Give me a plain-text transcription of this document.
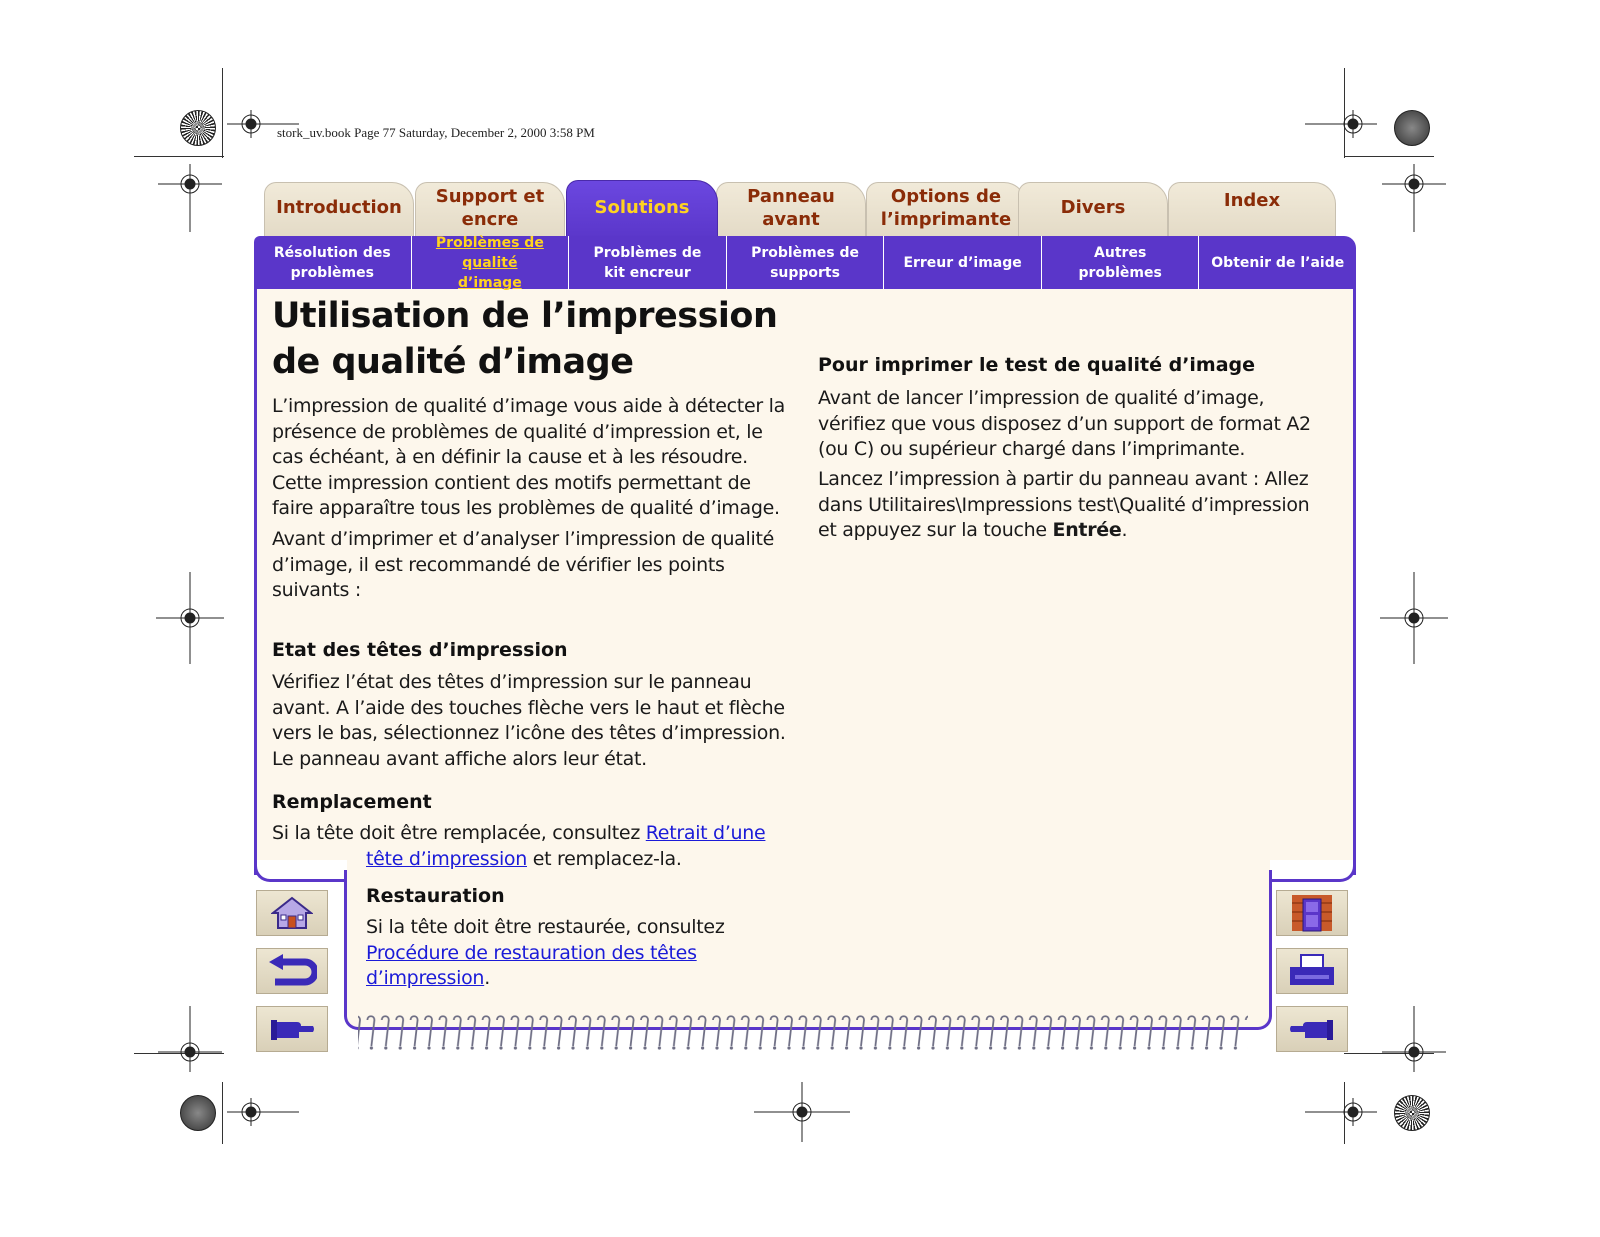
stork_uv.book Page 77 Saturday, December 2, 2000 3:58 PM
Introduction
Support et encre
Solutions
Panneau avant
Options de l’imprimante
Divers	Index
Résolution des problèmes
Problèmes de qualité d’image
Problèmes de kit encreur
Problèmes de supports
Erreur d’image
Autres problèmes
Obtenir de l’aide
Utilisation de l’impression de qualité d’image
L’impression de qualité d’image vous aide à détecter la présence de problèmes de qualité d’impression et, le cas échéant, à en définir la cause et à les résoudre. Cette impression contient des motifs permettant de faire apparaître tous les problèmes de qualité d’image.
Avant d’imprimer et d’analyser l’impression de qualité d’image, il est recommandé de vérifier les points suivants :
Etat des têtes d’impression
Vérifiez l’état des têtes d’impression sur le panneau avant. A l’aide des touches flèche vers le haut et flèche vers le bas, sélectionnez l’icône des têtes d’impression. Le panneau avant affiche alors leur état.
Remplacement
Si la tête doit être remplacée, consultez Retrait d’une
tête d’impression et remplacez-la.
Restauration
Si la tête doit être restaurée, consultez
Procédure de restauration des têtes
d’impression.
Pour imprimer le test de qualité d’image
Avant de lancer l’impression de qualité d’image, vérifiez que vous disposez d’un support de format A2 (ou C) ou supérieur chargé dans l’imprimante.
Lancez l’impression à partir du panneau avant : Allez dans Utilitaires\Impressions test\Qualité d’impression et appuyez sur la touche Entrée.
